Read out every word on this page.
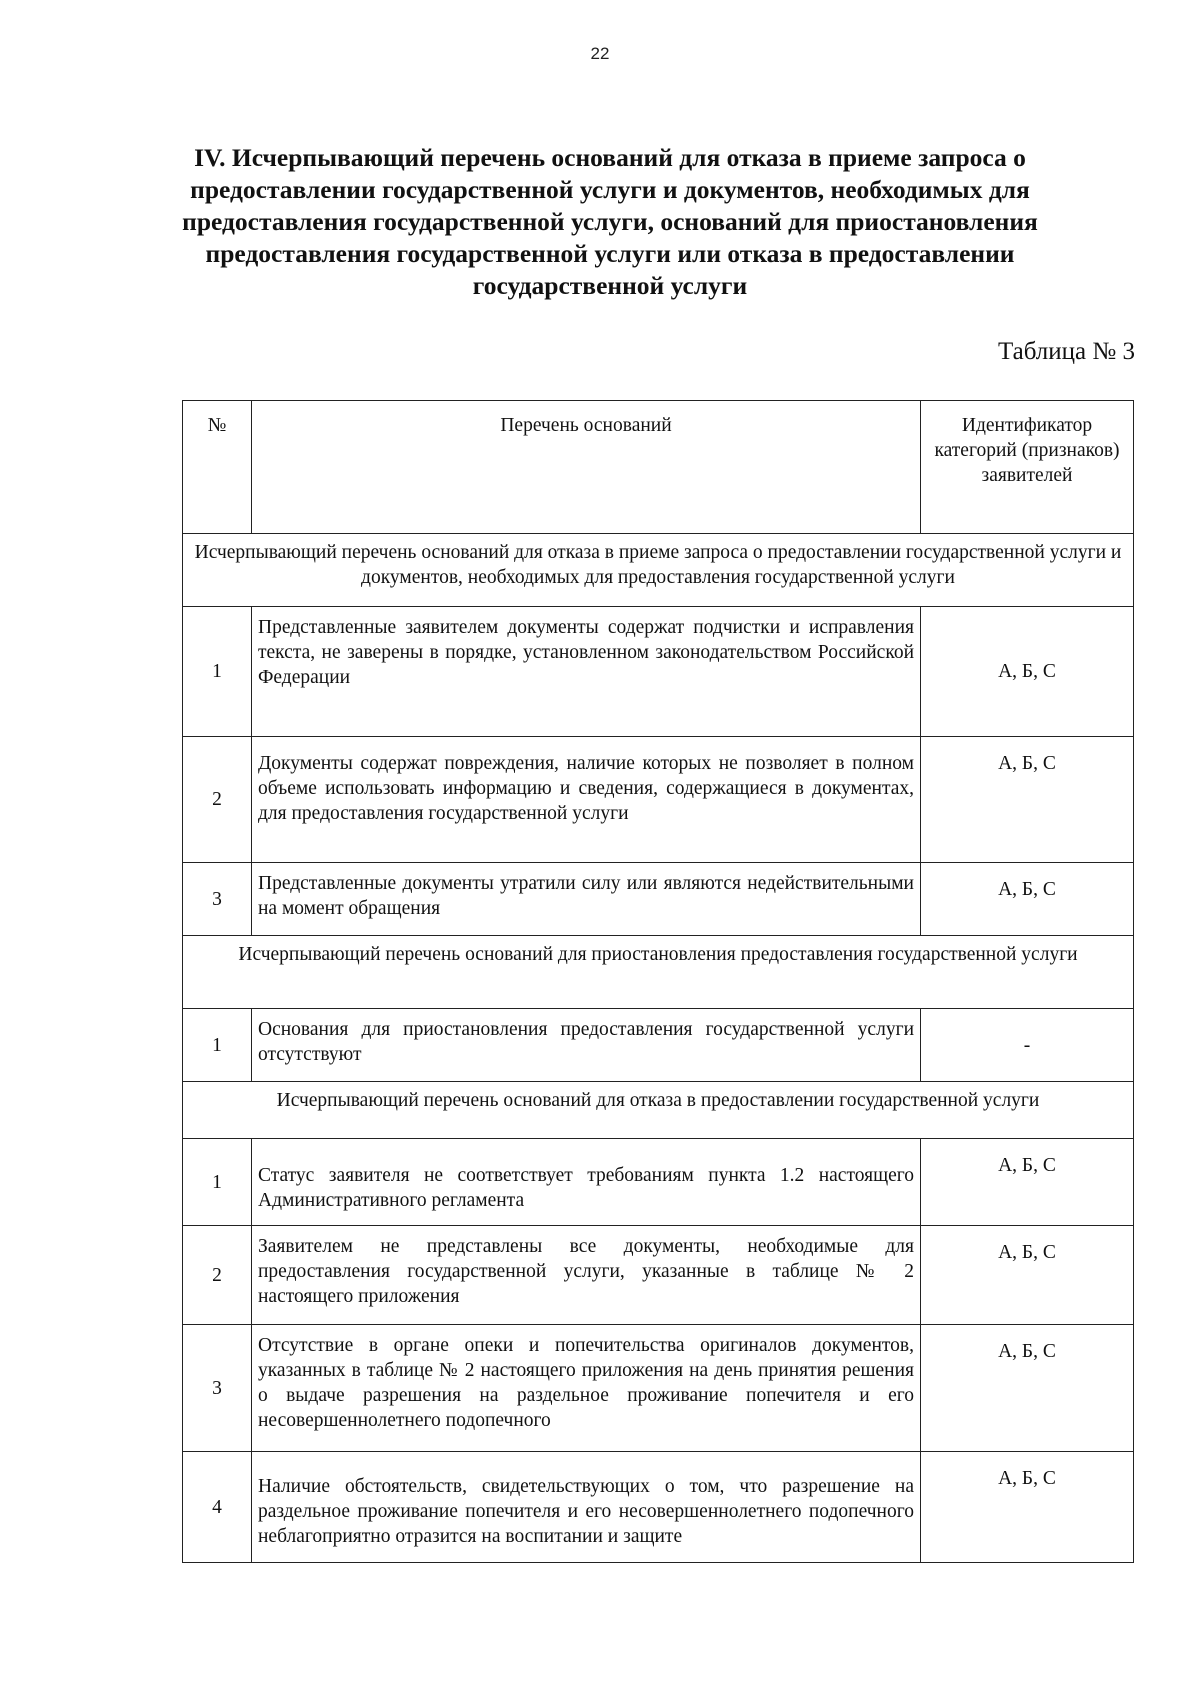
22
IV. Исчерпывающий перечень оснований для отказа в приеме запроса о предоставлении государственной услуги и документов, необходимых для предоставления государственной услуги, оснований для приостановления предоставления государственной услуги или отказа в предоставлении государственной услуги
Таблица № 3
№	Перечень оснований	Идентификатор категорий (признаков) заявителей
Исчерпывающий перечень оснований для отказа в приеме запроса о предоставлении государственной услуги и документов, необходимых для предоставления государственной услуги		
1	Представленные заявителем документы содержат подчистки и исправления текста, не заверены в порядке, установленном законодательством Российской Федерации	А, Б, С
2	Документы содержат повреждения, наличие которых не позволяет в полном объеме использовать информацию и сведения, содержащиеся в документах, для предоставления государственной услуги	А, Б, С
3	Представленные документы утратили силу или являются недействительными на момент обращения	А, Б, С
Исчерпывающий перечень оснований для приостановления предоставления государственной услуги		
1	Основания для приостановления предоставления государственной услуги отсутствуют	-
Исчерпывающий перечень оснований для отказа в предоставлении государственной услуги		
1	Статус заявителя не соответствует требованиям пункта 1.2 настоящего Административного регламента	А, Б, С
2	Заявителем не представлены все документы, необходимые для предоставления государственной услуги, указанные в таблице № 2 настоящего приложения	А, Б, С
3	Отсутствие в органе опеки и попечительства оригиналов документов, указанных в таблице № 2 настоящего приложения на день принятия решения о выдаче разрешения на раздельное проживание попечителя и его несовершеннолетнего подопечного	А, Б, С
4	Наличие обстоятельств, свидетельствующих о том, что разрешение на раздельное проживание попечителя и его несовершеннолетнего подопечного неблагоприятно отразится на воспитании и защите	А, Б, С
